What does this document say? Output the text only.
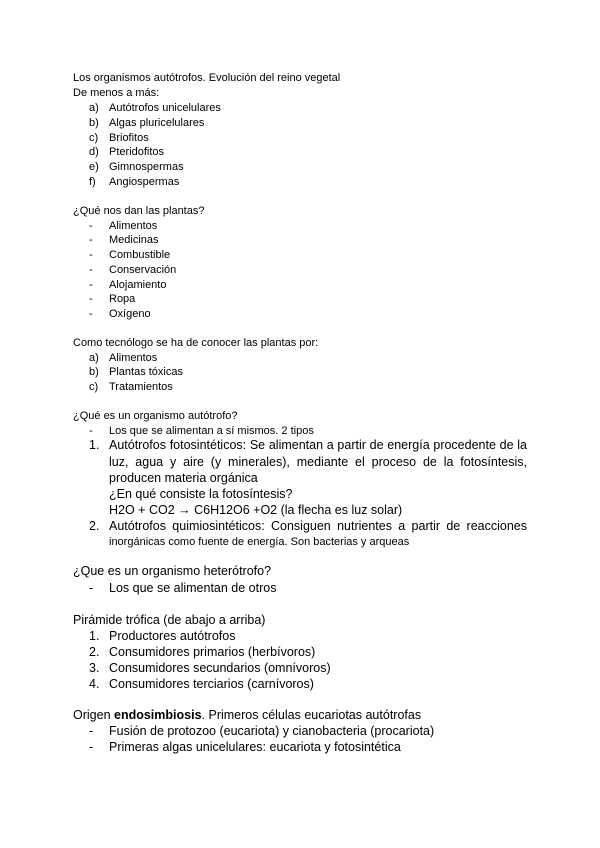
Los organismos autótrofos. Evolución del reino vegetal
De menos a más:
a) Autótrofos unicelulares
b) Algas pluricelulares
c) Briofitos
d) Pteridofitos
e) Gimnospermas
f) Angiospermas
¿Qué nos dan las plantas?
- Alimentos
- Medicinas
- Combustible
- Conservación
- Alojamiento
- Ropa
- Oxígeno
Como tecnólogo se ha de conocer las plantas por:
a) Alimentos
b) Plantas tóxicas
c) Tratamientos
¿Qué es un organismo autótrofo?
- Los que se alimentan a sí mismos. 2 tipos
1. Autótrofos fotosintéticos: Se alimentan a partir de energía procedente de la
luz, agua y aire (y minerales), mediante el proceso de la fotosíntesis,
producen materia orgánica
¿En qué consiste la fotosíntesis?
H2O + CO2 → C6H12O6 +O2 (la flecha es luz solar)
2. Autótrofos quimiosintéticos: Consiguen nutrientes a partir de reacciones
inorgánicas como fuente de energía. Son bacterias y arqueas
¿Que es un organismo heterótrofo?
- Los que se alimentan de otros
Pirámide trófica (de abajo a arriba)
1. Productores autótrofos
2. Consumidores primarios (herbívoros)
3. Consumidores secundarios (omnívoros)
4. Consumidores terciarios (carnívoros)
Origen endosimbiosis. Primeros células eucariotas autótrofas
- Fusión de protozoo (eucariota) y cianobacteria (procariota)
- Primeras algas unicelulares: eucariota y fotosintética
